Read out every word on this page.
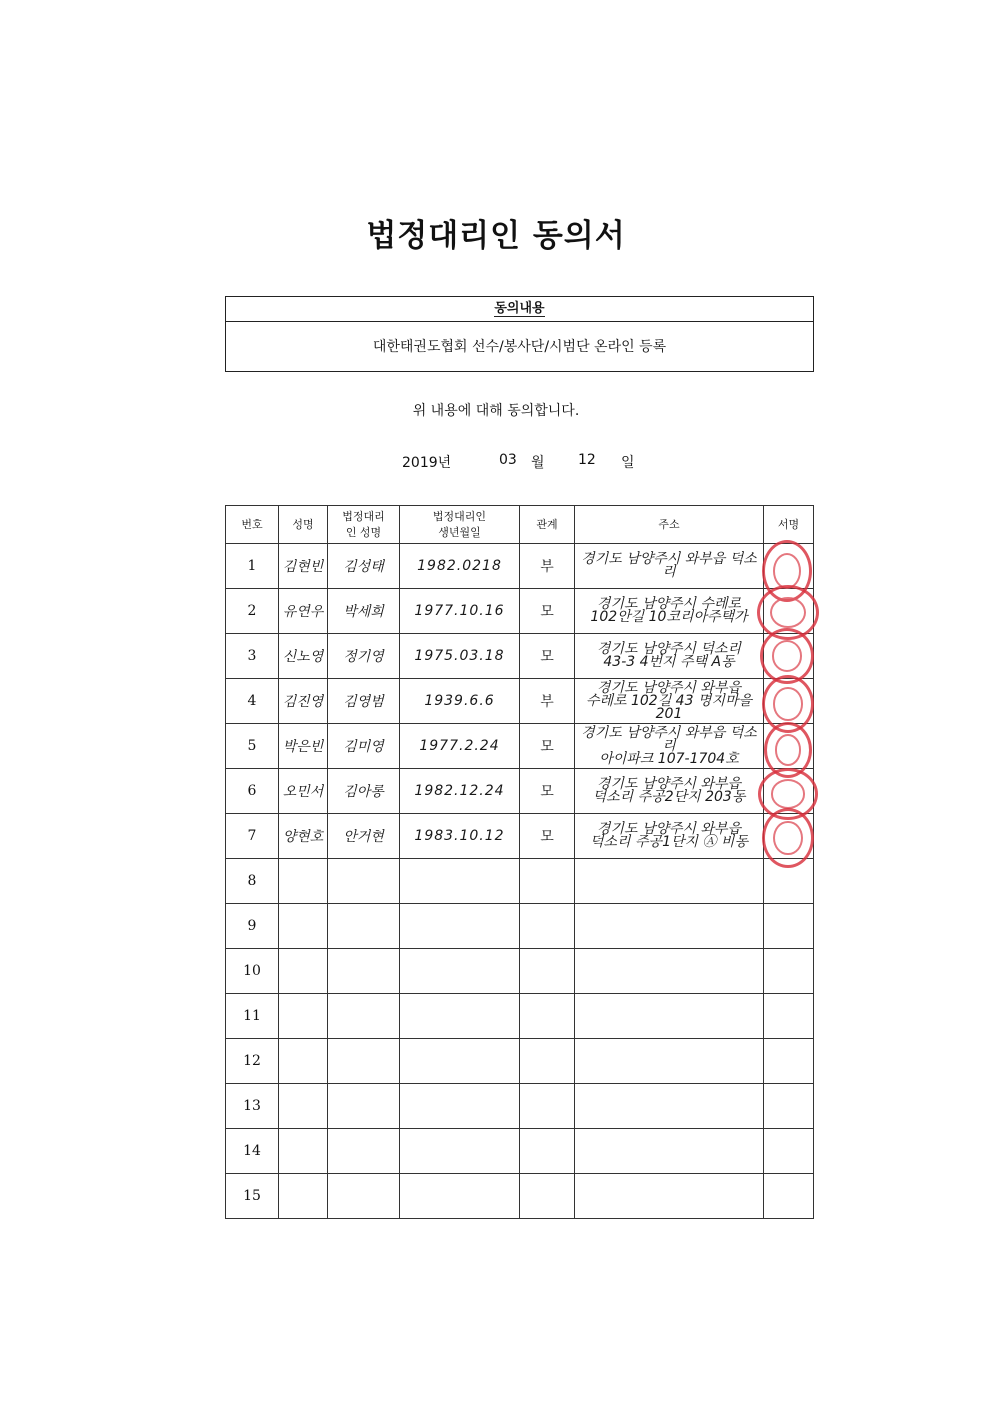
법정대리인 동의서
동의내용
대한태권도협회 선수/봉사단/시범단 온라인 등록
위 내용에 대해 동의합니다.
2019년	03 월 12 일
번호	성명	법정대리인 성명	법정대리인 생년월일	관계	주소	서명
1	김현빈	김성태	1982.0218	부	경기도 남양주시 와부읍 덕소리	

2	유연우	박세희	1977.10.16	모	경기도 남양주시 수레로
102안길 10코리아주택가	

3	신노영	정기영	1975.03.18	모	경기도 남양주시 덕소리
43-3 4번지 주택 A동	

4	김진영	김영범	1939.6.6	부	경기도 남양주시 와부읍
수레로 102길 43 명지마을 201	

5	박은빈	김미영	1977.2.24	모	경기도 남양주시 와부읍 덕소리
아이파크 107-1704호	

6	오민서	김아롱	1982.12.24	모	경기도 남양주시 와부읍
덕소리 주공2단지 203동	

7	양현호	안거현	1983.10.12	모	경기도 남양주시 와부읍
덕소리 주공1단지 Ⓐ 비동	

8					

9					

10					

11					

12					

13					

14					

15					
